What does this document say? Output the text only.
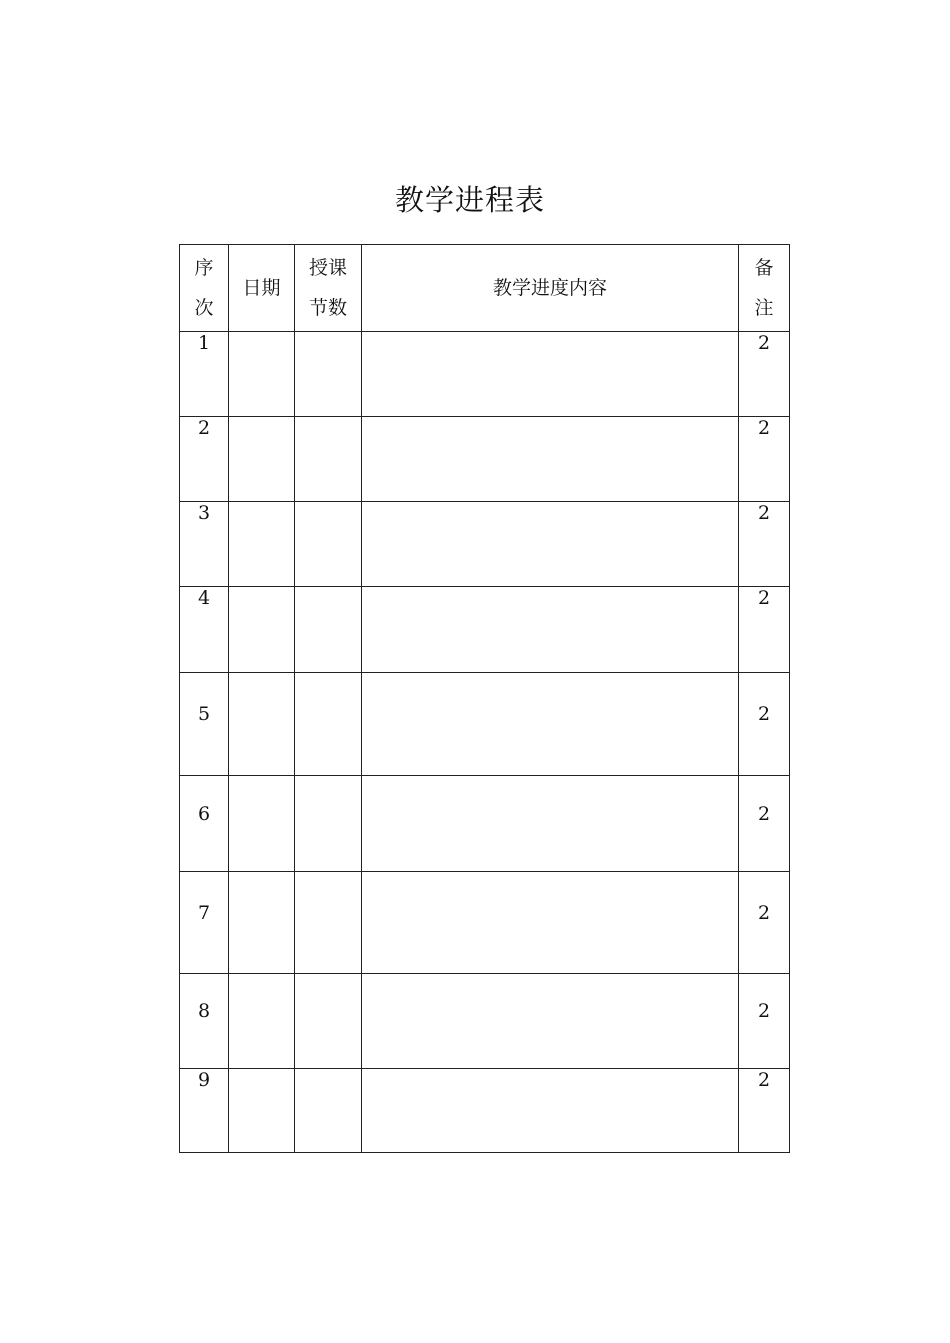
教学进程表
序次	日期	授课节数	教学进度内容	备注
1				2
2				2
3				2
4				2
5				2
6				2
7				2
8				2
9				2
